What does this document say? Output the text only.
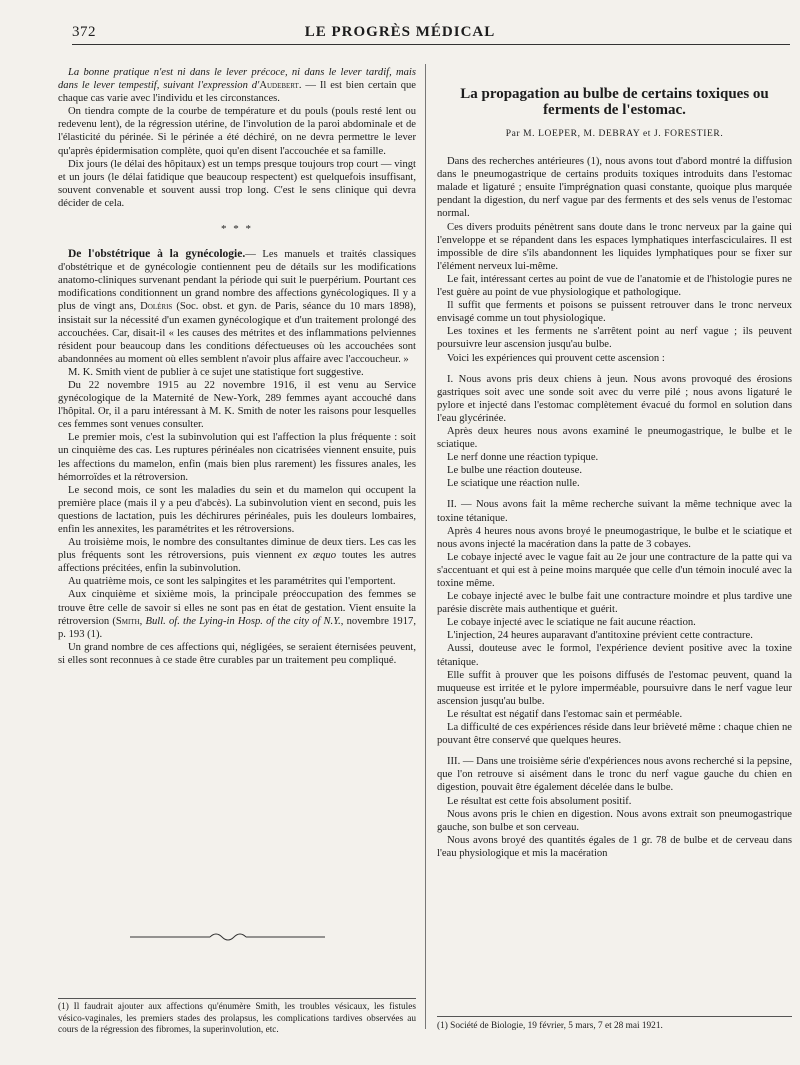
372	LE PROGRÈS MÉDICAL

La bonne pratique n'est ni dans le lever précoce, ni dans le lever tardif, mais dans le lever tempestif, suivant l'expression d'Audebert. — Il est bien certain que chaque cas varie avec l'individu et les circonstances.

On tiendra compte de la courbe de température et du pouls (pouls resté lent ou redevenu lent), de la régression utérine, de l'involution de la paroi abdominale et de l'élasticité du périnée. Si le périnée a été déchiré, on ne devra permettre le lever qu'après épidermisation complète, quoi qu'en disent l'accouchée et sa famille.

Dix jours (le délai des hôpitaux) est un temps presque toujours trop court — vingt et un jours (le délai fatidique que beaucoup respectent) est quelquefois insuffisant, souvent convenable et souvent aussi trop long. C'est le sens clinique qui devra décider de cela.

* * *

De l'obstétrique à la gynécologie.— Les manuels et traités classiques d'obstétrique et de gynécologie contiennent peu de détails sur les modifications anatomo-cliniques survenant pendant la période qui suit le puerpérium. Pourtant ces modifications conditionnent un grand nombre des affections gynécologiques. Il y a plus de vingt ans, Doléris (Soc. obst. et gyn. de Paris, séance du 10 mars 1898), insistait sur la nécessité d'un examen gynécologique et d'un traitement prolongé des accouchées. Car, disait-il « les causes des métrites et des inflammations pelviennes résident pour beaucoup dans les conditions défectueuses où les accouchées sont abandonnées au moment où elles semblent n'avoir plus affaire avec l'accoucheur. »

M. K. Smith vient de publier à ce sujet une statistique fort suggestive.

Du 22 novembre 1915 au 22 novembre 1916, il est venu au Service gynécologique de la Maternité de New-York, 289 femmes ayant accouché dans l'hôpital. Or, il a paru intéressant à M. K. Smith de noter les raisons pour lesquelles ces femmes sont venues consulter.

Le premier mois, c'est la subinvolution qui est l'affection la plus fréquente : soit un cinquième des cas. Les ruptures périnéales non cicatrisées viennent ensuite, puis les affections du mamelon, enfin (mais bien plus rarement) les fissures anales, les hémorroïdes et la rétroversion.

Le second mois, ce sont les maladies du sein et du mamelon qui occupent la première place (mais il y a peu d'abcès). La subinvolution vient en second, puis les questions de lactation, puis les déchirures périnéales, puis les douleurs lombaires, enfin les annexites, les paramétrites et les rétroversions.

Au troisième mois, le nombre des consultantes diminue de deux tiers. Les cas les plus fréquents sont les rétroversions, puis viennent ex æquo toutes les autres affections précitées, enfin la subinvolution.

Au quatrième mois, ce sont les salpingites et les paramétrites qui l'emportent.

Aux cinquième et sixième mois, la principale préoccupation des femmes se trouve être celle de savoir si elles ne sont pas en état de gestation. Vient ensuite la rétroversion (Smith, Bull. of. the Lying-in Hosp. of the city of N.Y., novembre 1917, p. 193 (1).

Un grand nombre de ces affections qui, négligées, se seraient éternisées peuvent, si elles sont reconnues à ce stade être curables par un traitement peu compliqué.

(1) Il faudrait ajouter aux affections qu'énumère Smith, les troubles vésicaux, les fistules vésico-vaginales, les premiers stades des prolapsus, les complications tardives observées au cours de la régression des fibromes, la superinvolution, etc.
La propagation au bulbe de certains toxiques ou ferments de l'estomac.
Par M. LOEPER, M. DEBRAY et J. FORESTIER.

Dans des recherches antérieures (1), nous avons tout d'abord montré la diffusion dans le pneumogastrique de certains produits toxiques introduits dans l'estomac malade et ligaturé ; ensuite l'imprégnation quasi constante, quoique plus marquée pendant la digestion, du nerf vague par des ferments et des sels venus de l'estomac normal.

Ces divers produits pénètrent sans doute dans le tronc nerveux par la gaine qui l'enveloppe et se répandent dans les espaces lymphatiques interfasciculaires. Il est impossible de dire s'ils abandonnent les liquides lymphatiques pour se fixer sur l'élément nerveux lui-même.

Le fait, intéressant certes au point de vue de l'anatomie et de l'histologie pures ne l'est guère au point de vue physiologique et pathologique.

Il suffit que ferments et poisons se puissent retrouver dans le tronc nerveux envisagé comme un tout physiologique.

Les toxines et les ferments ne s'arrêtent point au nerf vague ; ils peuvent poursuivre leur ascension jusqu'au bulbe.

Voici les expériences qui prouvent cette ascension :

I. Nous avons pris deux chiens à jeun. Nous avons provoqué des érosions gastriques soit avec une sonde soit avec du verre pilé ; nous avons ligaturé le pylore et injecté dans l'estomac complètement évacué du formol en solution dans l'eau glycérinée.

Après deux heures nous avons examiné le pneumogastrique, le bulbe et le sciatique.

Le nerf donne une réaction typique.

Le bulbe une réaction douteuse.

Le sciatique une réaction nulle.

II. — Nous avons fait la même recherche suivant la même technique avec la toxine tétanique.

Après 4 heures nous avons broyé le pneumogastrique, le bulbe et le sciatique et nous avons injecté la macération dans la patte de 3 cobayes.

Le cobaye injecté avec le vague fait au 2e jour une contracture de la patte qui va s'accentuant et qui est à peine moins marquée que celle d'un témoin inoculé avec la toxine même.

Le cobaye injecté avec le bulbe fait une contracture moindre et plus tardive une parésie discrète mais authentique et guérit.

Le cobaye injecté avec le sciatique ne fait aucune réaction.

L'injection, 24 heures auparavant d'antitoxine prévient cette contracture.

Aussi, douteuse avec le formol, l'expérience devient positive avec la toxine tétanique.

Elle suffit à prouver que les poisons diffusés de l'estomac peuvent, quand la muqueuse est irritée et le pylore imperméable, poursuivre dans le nerf vague leur ascension jusqu'au bulbe.

Le résultat est négatif dans l'estomac sain et perméable.

La difficulté de ces expériences réside dans leur brièveté même : chaque chien ne pouvant être conservé que quelques heures.

III. — Dans une troisième série d'expériences nous avons recherché si la pepsine, que l'on retrouve si aisément dans le tronc du nerf vague gauche du chien en digestion, pouvait être également décelée dans le bulbe.

Le résultat est cette fois absolument positif.

Nous avons pris le chien en digestion. Nous avons extrait son pneumogastrique gauche, son bulbe et son cerveau.

Nous avons broyé des quantités égales de 1 gr. 78 de bulbe et de cerveau dans l'eau physiologique et mis la macération

(1) Société de Biologie, 19 février, 5 mars, 7 et 28 mai 1921.
